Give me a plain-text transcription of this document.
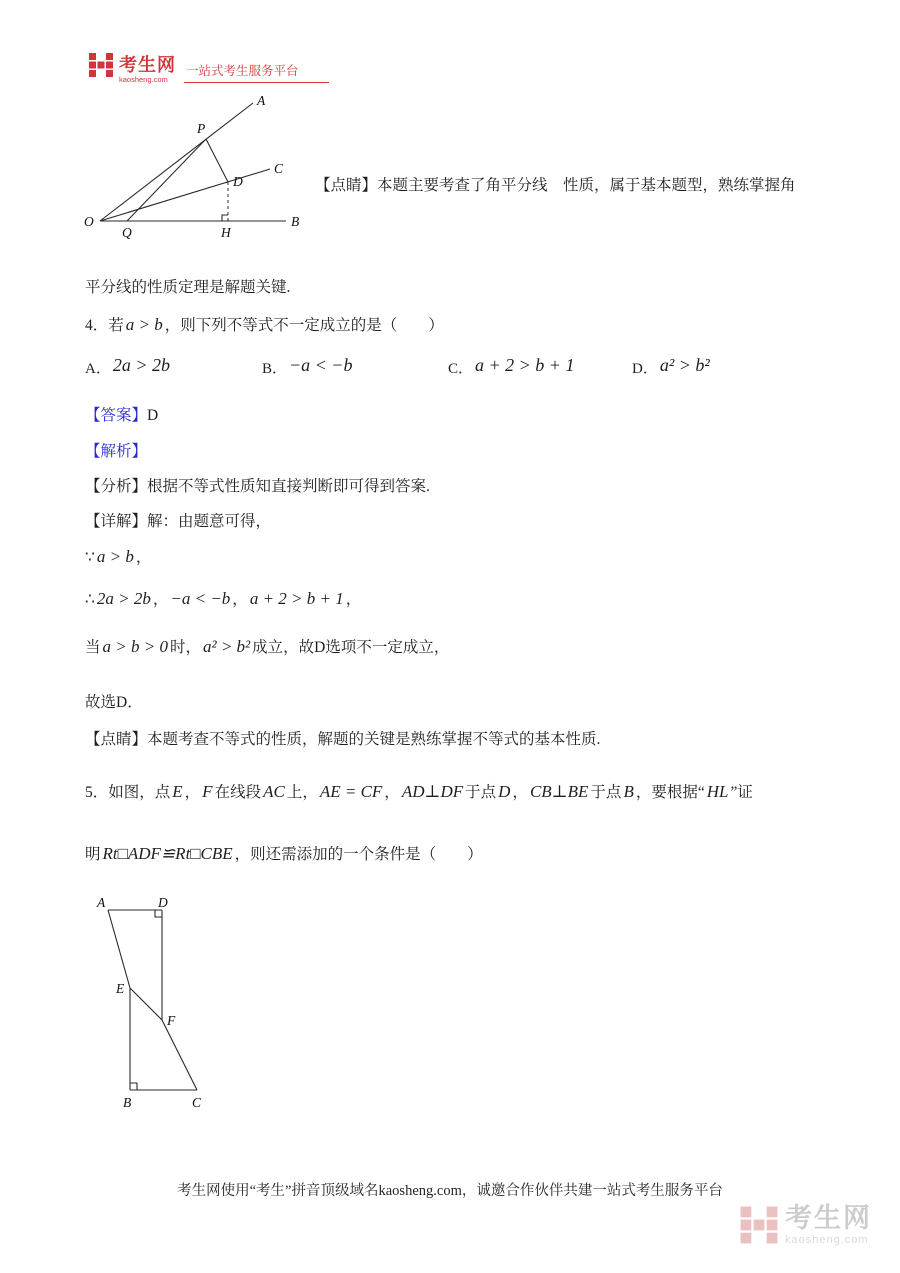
考生网
kaosheng.com
一站式考生服务平台
O
A
C
B
P
Q
D
H
【点睛】本题主要考查了角平分线　性质，属于基本题型，熟练掌握角
平分线的性质定理是解题关键.
4．若 a > b ，则下列不等式不一定成立的是（　　）
A． 2a > 2b	B． −a < −b	C． a + 2 > b + 1	D． a² > b²
【答案】D
【解析】
【分析】根据不等式性质知直接判断即可得到答案.
【详解】解：由题意可得，
∵ a > b ，
∴ 2a > 2b ， −a < −b ， a + 2 > b + 1 ，
当 a > b > 0 时， a² > b² 成立，故D选项不一定成立，
故选D．
【点睛】本题考查不等式的性质，解题的关键是熟练掌握不等式的基本性质.
5．如图，点 E ， F 在线段 AC 上， AE = CF ， AD⊥DF 于点 D ， CB⊥BE 于点 B ，要根据“ HL ”证
明 Rt□ADF≌Rt□CBE ，则还需添加的一个条件是（　　）
A	D
E
F
B	C
考生网使用“考生”拼音顶级域名kaosheng.com，诚邀合作伙伴共建一站式考生服务平台
考生网
kaosheng.com
